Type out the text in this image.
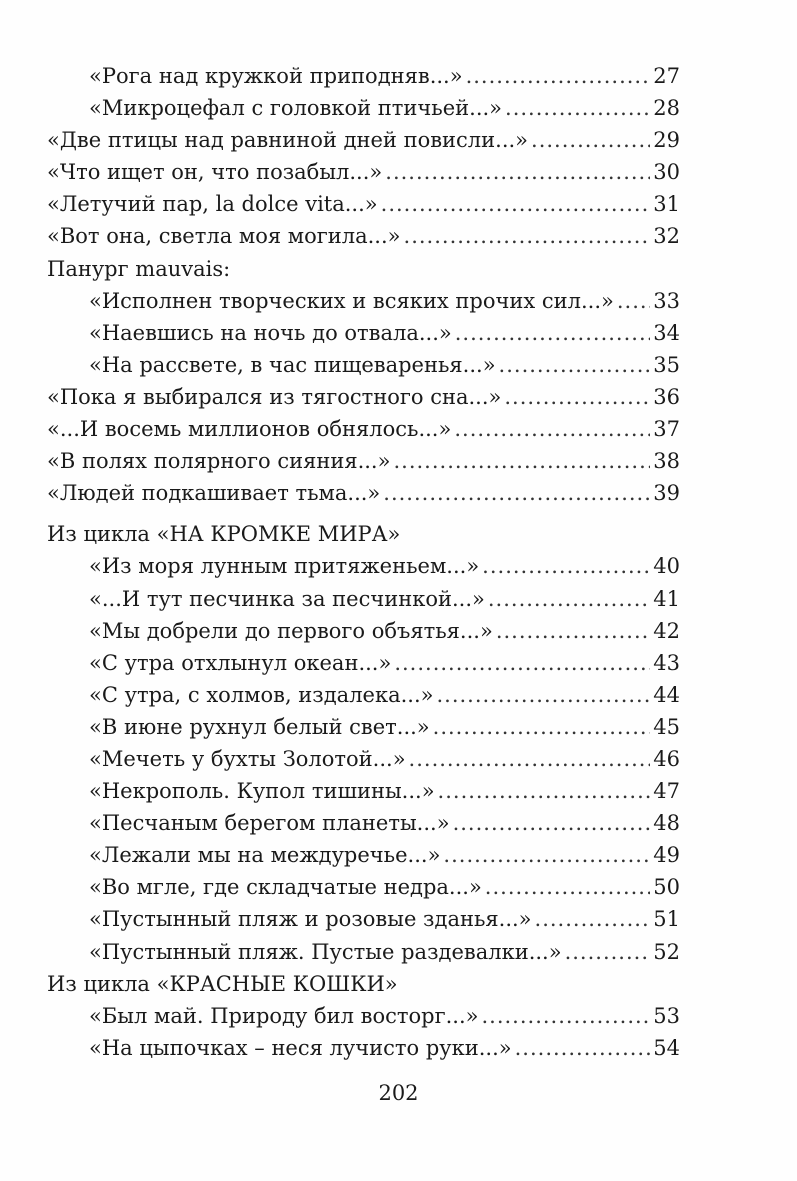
«Рога над кружкой приподняв...» .....	27
«Микроцефал с головкой птичьей...» .....	28
«Две птицы над равниной дней повисли...» .....	29
«Что ищет он, что позабыл...» .....	30
«Летучий пар, la dolce vita...» .....	31
«Вот она, светла моя могила...» .....	32
Панург mauvais:
«Исполнен творческих и всяких прочих сил...» ..... 33
«Наевшись на ночь до отвала...» .....	34
«На рассвете, в час пищеваренья...» .....	35
«Пока я выбирался из тягостного сна...» .....	36
«...И восемь миллионов обнялось...» .....	37
«В полях полярного сияния...» .....	38
«Людей подкашивает тьма...» .....	39
Из цикла «НА КРОМКЕ МИРА»
«Из моря лунным притяженьем...» .....	40
«...И тут песчинка за песчинкой...» .....	41
«Мы добрели до первого объятья...» .....	42
«С утра отхлынул океан...» .....	43
«С утра, с холмов, издалека...» .....	44
«В июне рухнул белый свет...» .....	45
«Мечеть у бухты Золотой...» .....	46
«Некрополь. Купол тишины...» .....	47
«Песчаным берегом планеты...» .....	48
«Лежали мы на междуречье...» .....	49
«Во мгле, где складчатые недра...» .....	50
«Пустынный пляж и розовые зданья...» .....	51
«Пустынный пляж. Пустые раздевалки...» .....	52
Из цикла «КРАСНЫЕ КОШКИ»
«Был май. Природу бил восторг...» .....	53
«На цыпочках – неся лучисто руки...» .....	54
202
